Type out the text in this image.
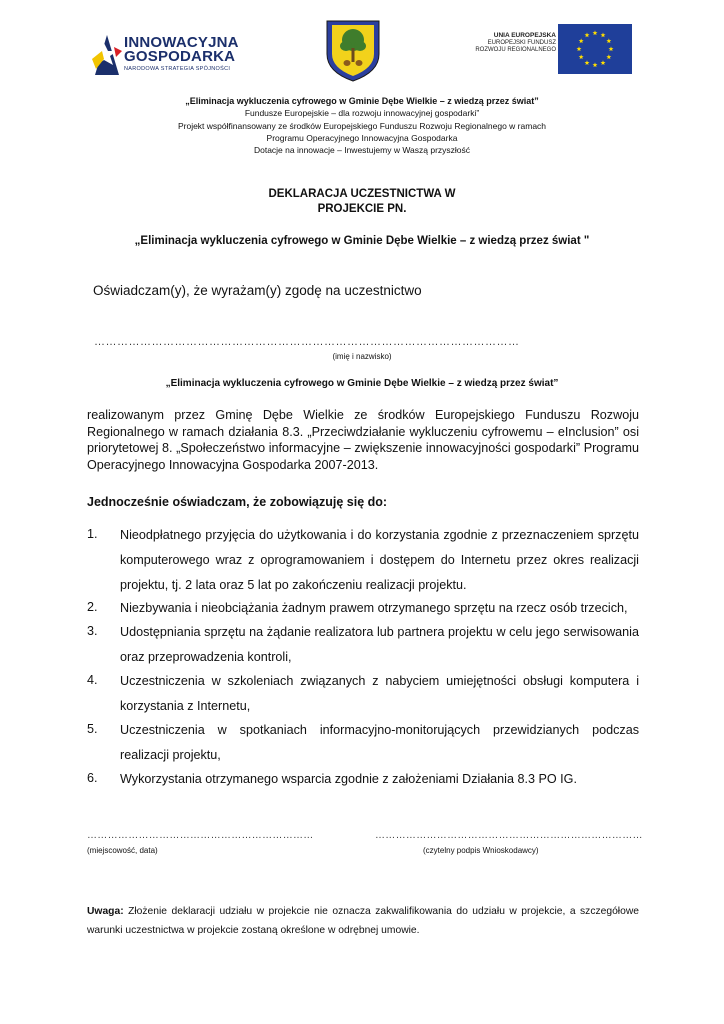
INNOWACYJNA
GOSPODARKA
NARODOWA STRATEGIA SPÓJNOŚCI
UNIA EUROPEJSKA
EUROPEJSKI FUNDUSZ
ROZWOJU REGIONALNEGO
„Eliminacja wykluczenia cyfrowego w Gminie Dębe Wielkie – z wiedzą przez świat”
Fundusze Europejskie – dla rozwoju innowacyjnej gospodarki”
Projekt współfinansowany ze środków Europejskiego Funduszu Rozwoju Regionalnego w ramach
Programu Operacyjnego Innowacyjna Gospodarka
Dotacje na innowacje – Inwestujemy w Waszą przyszłość
DEKLARACJA UCZESTNICTWA W
PROJEKCIE PN.
„Eliminacja wykluczenia cyfrowego w Gminie Dębe Wielkie – z wiedzą przez świat "
Oświadczam(y), że wyrażam(y) zgodę na uczestnictwo
…………………………………………………………………………………………………
(imię i nazwisko)
„Eliminacja wykluczenia cyfrowego w Gminie Dębe Wielkie – z wiedzą przez świat”
realizowanym przez Gminę Dębe Wielkie ze środków Europejskiego Funduszu Rozwoju Regionalnego w ramach działania 8.3. „Przeciwdziałanie wykluczeniu cyfrowemu – eInclusion” osi priorytetowej 8. „Społeczeństwo informacyjne – zwiększenie innowacyjności gospodarki” Programu Operacyjnego Innowacyjna Gospodarka 2007-2013.
Jednocześnie oświadczam, że zobowiązuję się do:
1. Nieodpłatnego przyjęcia do użytkowania i do korzystania zgodnie z przeznaczeniem sprzętu komputerowego wraz z oprogramowaniem i dostępem do Internetu przez okres realizacji projektu, tj. 2 lata oraz 5 lat po zakończeniu realizacji projektu.
2. Niezbywania i nieobciążania żadnym prawem otrzymanego sprzętu na rzecz osób trzecich,
3. Udostępniania sprzętu na żądanie realizatora lub partnera projektu w celu jego serwisowania oraz przeprowadzenia kontroli,
4. Uczestniczenia w szkoleniach związanych z nabyciem umiejętności obsługi komputera i korzystania z Internetu,
5. Uczestniczenia w spotkaniach informacyjno-monitorujących przewidzianych podczas realizacji projektu,
6. Wykorzystania otrzymanego wsparcia zgodnie z założeniami Działania 8.3 PO IG.
…………………………………………………………
(miejscowość, data)
……………………………………………………………………
(czytelny podpis Wnioskodawcy)
Uwaga: Złożenie deklaracji udziału w projekcie nie oznacza zakwalifikowania do udziału w projekcie, a szczegółowe warunki uczestnictwa w projekcie zostaną określone w odrębnej umowie.
